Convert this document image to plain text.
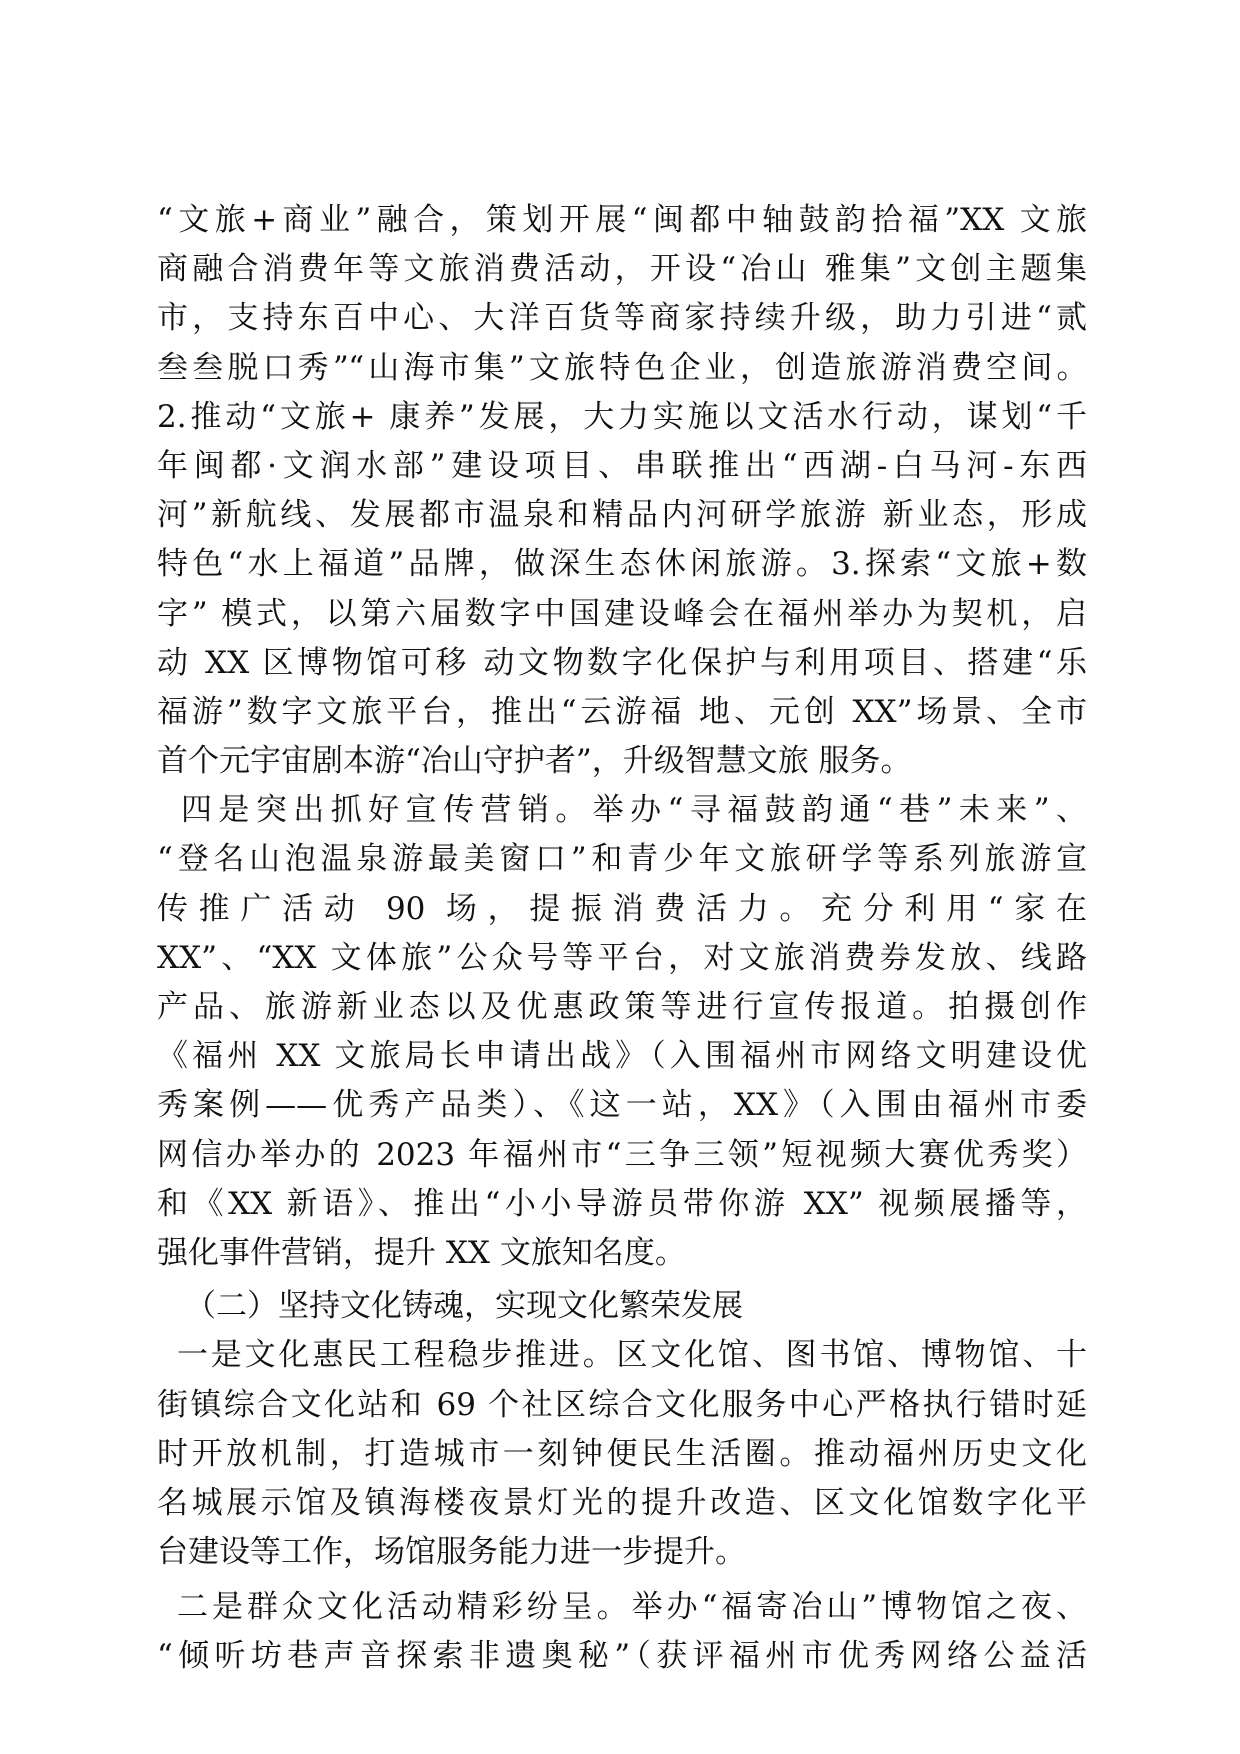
“文旅+商业”融合，策划开展“闽都中轴鼓韵拾福”XX 文旅
商融合消费年等文旅消费活动，开设“冶山 雅集”文创主题集
市，支持东百中心、大洋百货等商家持续升级，助力引进“贰
叁叁脱口秀”“山海市集”文旅特色企业，创造旅游消费空间。
2.推动“文旅+ 康养”发展，大力实施以文活水行动，谋划“千
年闽都·文润水部”建设项目、串联推出“西湖-白马河-东西
河”新航线、发展都市温泉和精品内河研学旅游 新业态，形成
特色“水上福道”品牌，做深生态休闲旅游。3.探索“文旅+数
字” 模式，以第六届数字中国建设峰会在福州举办为契机，启
动 XX 区博物馆可移 动文物数字化保护与利用项目、搭建“乐
福游”数字文旅平台，推出“云游福 地、元创 XX”场景、全市
首个元宇宙剧本游“冶山守护者”，升级智慧文旅 服务。
四是突出抓好宣传营销。举办“寻福鼓韵通“巷”未来”、
“登名山泡温泉游最美窗口”和青少年文旅研学等系列旅游宣
传推广活动 90 场，提振消费活力。充分利用“家在
XX”、“XX 文体旅”公众号等平台，对文旅消费券发放、线路
产品、旅游新业态以及优惠政策等进行宣传报道。拍摄创作
《福州 XX 文旅局长申请出战》（入围福州市网络文明建设优
秀案例——优秀产品类）、《这一站，XX》（入围由福州市委
网信办举办的 2023 年福州市“三争三领”短视频大赛优秀奖）
和《XX 新语》、推出“小小导游员带你游 XX” 视频展播等，
强化事件营销，提升 XX 文旅知名度。
（二）坚持文化铸魂，实现文化繁荣发展
一是文化惠民工程稳步推进。区文化馆、图书馆、博物馆、十
街镇综合文化站和 69 个社区综合文化服务中心严格执行错时延
时开放机制，打造城市一刻钟便民生活圈。推动福州历史文化
名城展示馆及镇海楼夜景灯光的提升改造、区文化馆数字化平
台建设等工作，场馆服务能力进一步提升。
二是群众文化活动精彩纷呈。举办“福寄冶山”博物馆之夜、
“倾听坊巷声音探索非遗奥秘”（获评福州市优秀网络公益活
